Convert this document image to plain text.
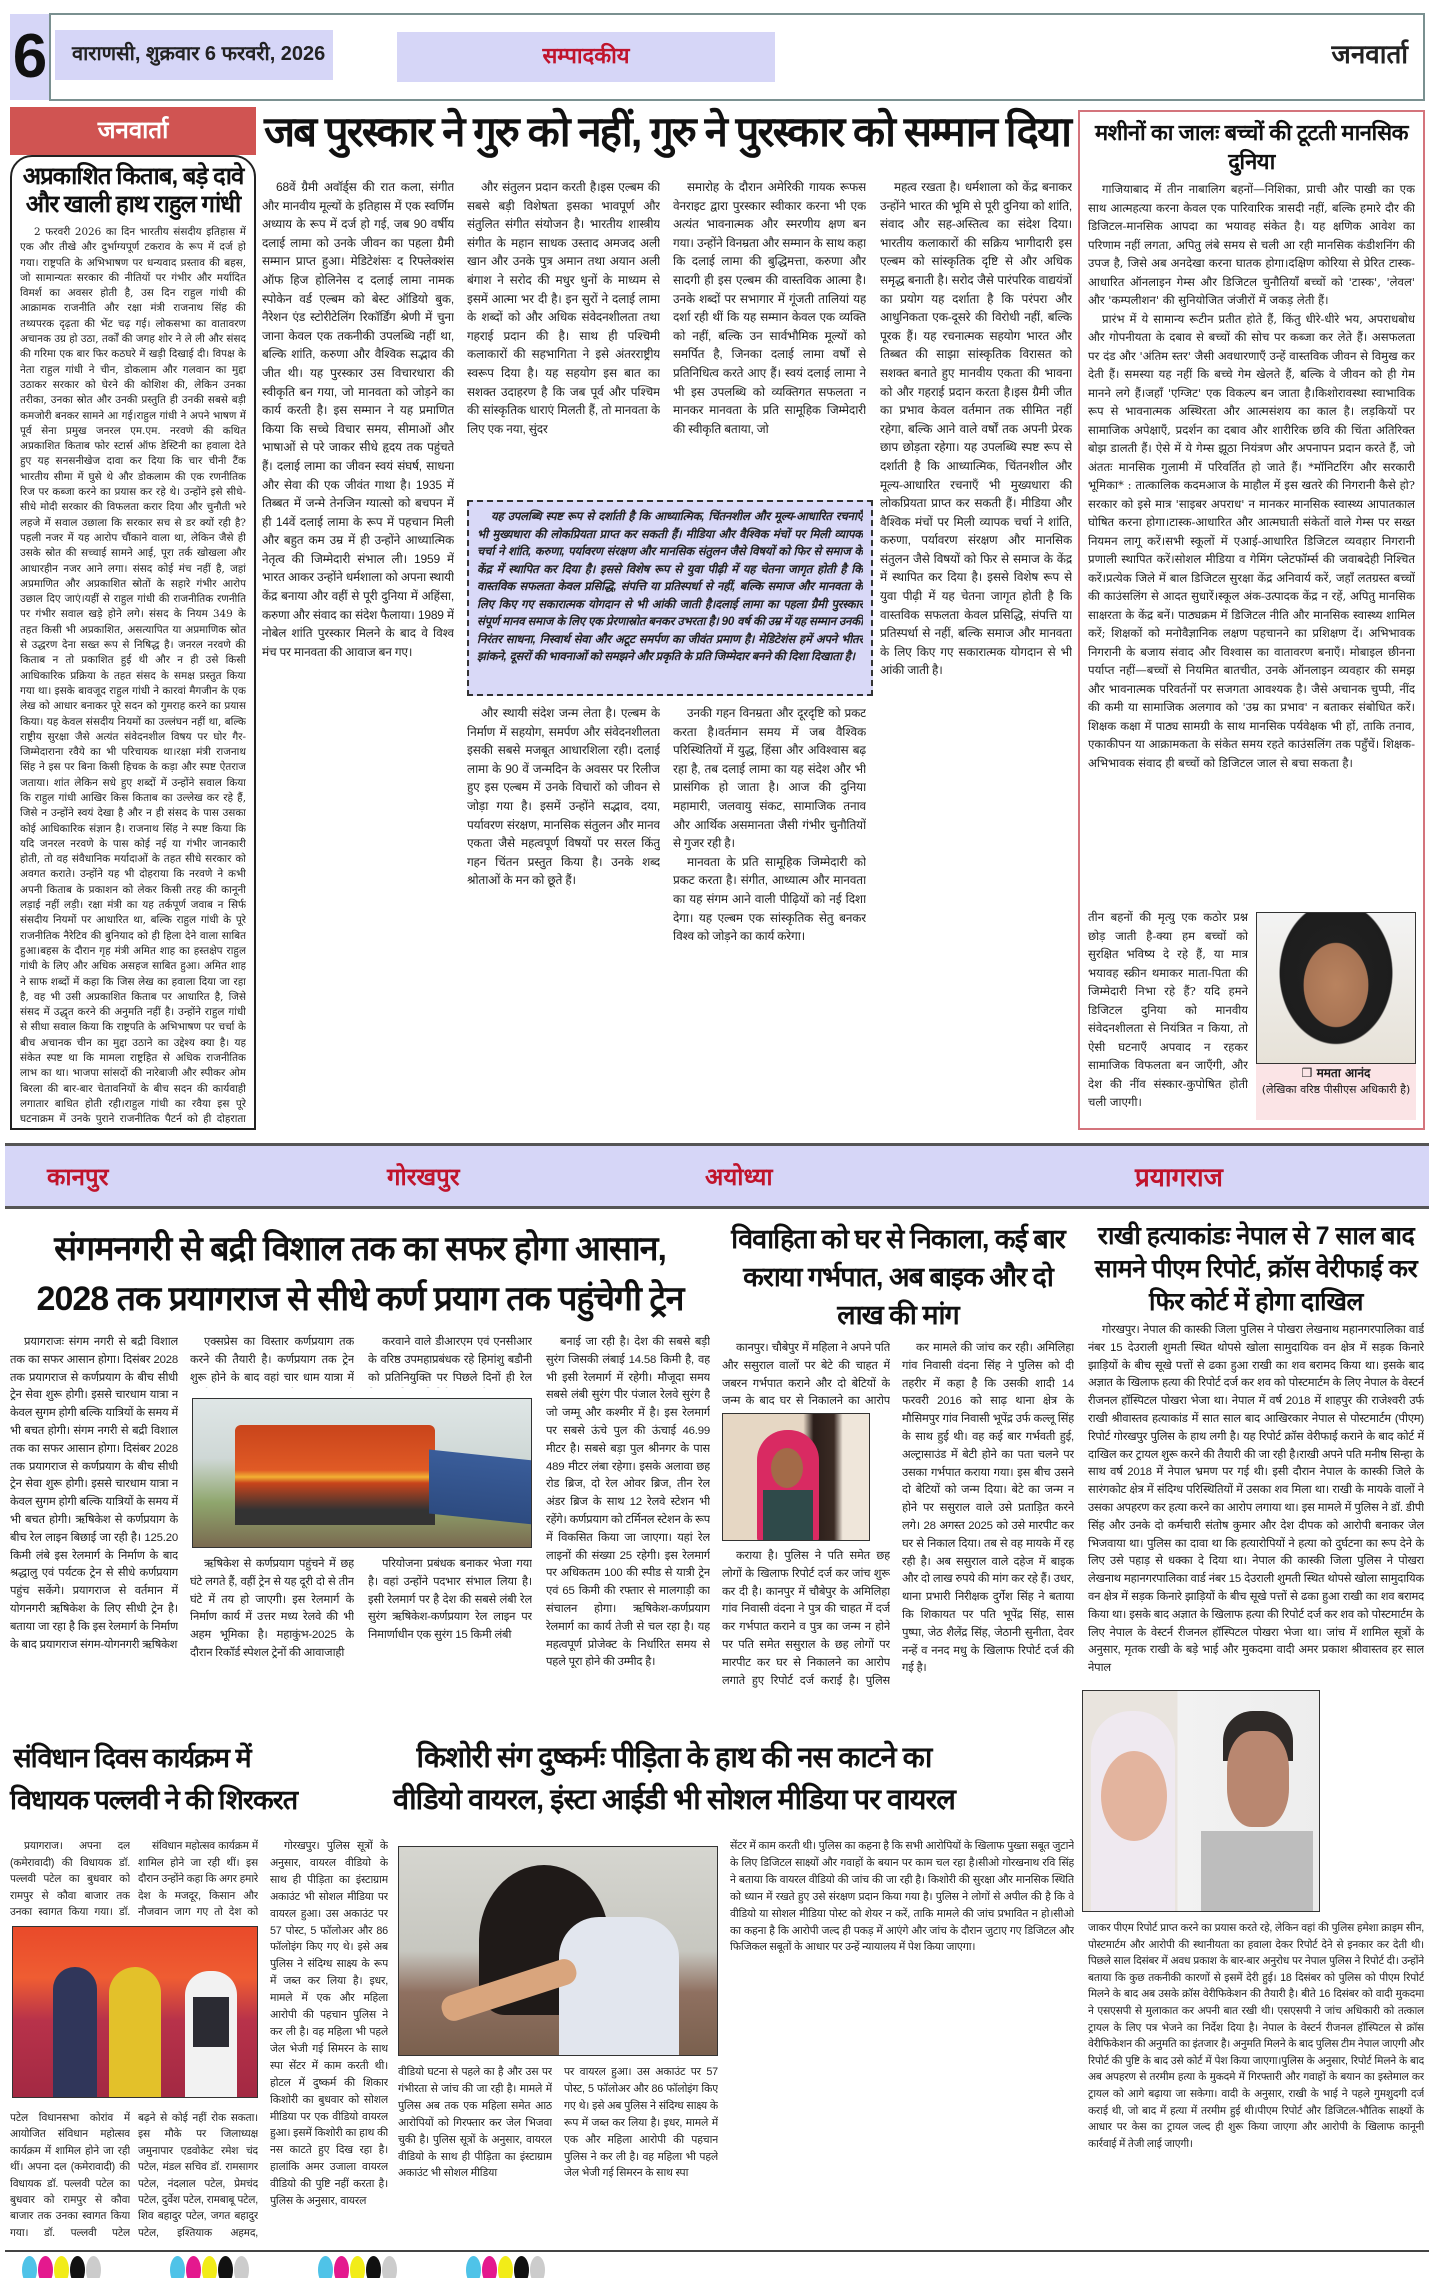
6 वाराणसी, शुक्रवार 6 फरवरी, 2026	सम्पादकीय	जनवार्ता
जनवार्ता
अप्रकाशित किताब, बड़े दावे और खाली हाथ राहुल गांधी

2 फरवरी 2026 का दिन भारतीय संसदीय इतिहास में एक और तीखे और दुर्भाग्यपूर्ण टकराव के रूप में दर्ज हो गया। राष्ट्रपति के अभिभाषण पर धन्यवाद प्रस्ताव की बहस, जो सामान्यतः सरकार की नीतियों पर गंभीर और मर्यादित विमर्श का अवसर होती है, उस दिन राहुल गांधी की आक्रामक राजनीति और रक्षा मंत्री राजनाथ सिंह की तथ्यपरक दृढ़ता की भेंट चढ़ गई। लोकसभा का वातावरण अचानक उग्र हो उठा, तर्कों की जगह शोर ने ले ली और संसद की गरिमा एक बार फिर कठघरे में खड़ी दिखाई दी। विपक्ष के नेता राहुल गांधी ने चीन, डोकलाम और गलवान का मुद्दा उठाकर सरकार को घेरने की कोशिश की, लेकिन उनका तरीका, उनका स्रोत और उनकी प्रस्तुति ही उनकी सबसे बड़ी कमजोरी बनकर सामने आ गई।राहुल गांधी ने अपने भाषण में पूर्व सेना प्रमुख जनरल एम.एम. नरवणे की कथित अप्रकाशित किताब फोर स्टार्स ऑफ डेस्टिनी का हवाला देते हुए यह सनसनीखेज दावा कर दिया कि चार चीनी टैंक भारतीय सीमा में घुसे थे और डोकलाम की एक रणनीतिक रिज पर कब्जा करने का प्रयास कर रहे थे। उन्होंने इसे सीधे-सीधे मोदी सरकार की विफलता करार दिया और चुनौती भरे लहजे में सवाल उछाला कि सरकार सच से डर क्यों रही है? पहली नजर में यह आरोप चौंकाने वाला था, लेकिन जैसे ही उसके स्रोत की सच्चाई सामने आई, पूरा तर्क खोखला और आधारहीन नजर आने लगा। संसद कोई मंच नहीं है, जहां अप्रमाणित और अप्रकाशित स्रोतों के सहारे गंभीर आरोप उछाल दिए जाएं।यहीं से राहुल गांधी की राजनीतिक रणनीति पर गंभीर सवाल खड़े होने लगे। संसद के नियम 349 के तहत किसी भी अप्रकाशित, असत्यापित या अप्रमाणिक स्रोत से उद्धरण देना सख्त रूप से निषिद्ध है। जनरल नरवणे की किताब न तो प्रकाशित हुई थी और न ही उसे किसी आधिकारिक प्रक्रिया के तहत संसद के समक्ष प्रस्तुत किया गया था। इसके बावजूद राहुल गांधी ने कारवां मैगजीन के एक लेख को आधार बनाकर पूरे सदन को गुमराह करने का प्रयास किया। यह केवल संसदीय नियमों का उल्लंघन नहीं था, बल्कि राष्ट्रीय सुरक्षा जैसे अत्यंत संवेदनशील विषय पर घोर गैर-जिम्मेदाराना रवैये का भी परिचायक था।रक्षा मंत्री राजनाथ सिंह ने इस पर बिना किसी हिचक के कड़ा और स्पष्ट ऐतराज जताया। शांत लेकिन सधे हुए शब्दों में उन्होंने सवाल किया कि राहुल गांधी आखिर किस किताब का उल्लेख कर रहे हैं, जिसे न उन्होंने स्वयं देखा है और न ही संसद के पास उसका कोई आधिकारिक संज्ञान है। राजनाथ सिंह ने स्पष्ट किया कि यदि जनरल नरवणे के पास कोई नई या गंभीर जानकारी होती, तो वह संवैधानिक मर्यादाओं के तहत सीधे सरकार को अवगत कराते। उन्होंने यह भी दोहराया कि नरवणे ने कभी अपनी किताब के प्रकाशन को लेकर किसी तरह की कानूनी लड़ाई नहीं लड़ी। रक्षा मंत्री का यह तर्कपूर्ण जवाब न सिर्फ संसदीय नियमों पर आधारित था, बल्कि राहुल गांधी के पूरे राजनीतिक नैरेटिव की बुनियाद को ही हिला देने वाला साबित हुआ।बहस के दौरान गृह मंत्री अमित शाह का हस्तक्षेप राहुल गांधी के लिए और अधिक असहज साबित हुआ। अमित शाह ने साफ शब्दों में कहा कि जिस लेख का हवाला दिया जा रहा है, वह भी उसी अप्रकाशित किताब पर आधारित है, जिसे संसद में उद्धृत करने की अनुमति नहीं है। उन्होंने राहुल गांधी से सीधा सवाल किया कि राष्ट्रपति के अभिभाषण पर चर्चा के बीच अचानक चीन का मुद्दा उठाने का उद्देश्य क्या है। यह संकेत स्पष्ट था कि मामला राष्ट्रहित से अधिक राजनीतिक लाभ का था। भाजपा सांसदों की नारेबाजी और स्पीकर ओम बिरला की बार-बार चेतावनियों के बीच सदन की कार्यवाही लगातार बाधित होती रही।राहुल गांधी का रवैया इस पूरे घटनाक्रम में उनके पुराने राजनीतिक पैटर्न को ही दोहराता

जब पुरस्कार ने गुरु को नहीं, गुरु ने पुरस्कार को सम्मान दिया

68वें ग्रैमी अवॉर्ड्स की रात कला, संगीत और मानवीय मूल्यों के इतिहास में एक स्वर्णिम अध्याय के रूप में दर्ज हो गई, जब 90 वर्षीय दलाई लामा को उनके जीवन का पहला ग्रैमी सम्मान प्राप्त हुआ। मेडिटेशंसः द रिफ्लेक्शंस ऑफ हिज होलिनेस द दलाई लामा नामक स्पोकेन वर्ड एल्बम को बेस्ट ऑडियो बुक, नैरेशन एंड स्टोरीटेलिंग रिकॉर्डिंग श्रेणी में चुना जाना केवल एक तकनीकी उपलब्धि नहीं था, बल्कि शांति, करुणा और वैश्विक सद्भाव की जीत थी। यह पुरस्कार उस विचारधारा की स्वीकृति बन गया, जो मानवता को जोड़ने का कार्य करती है। इस सम्मान ने यह प्रमाणित किया कि सच्चे विचार समय, सीमाओं और भाषाओं से परे जाकर सीधे हृदय तक पहुंचते हैं। दलाई लामा का जीवन स्वयं संघर्ष, साधना और सेवा की एक जीवंत गाथा है। 1935 में तिब्बत में जन्मे तेनजिन ग्यात्सो को बचपन में ही 14वें दलाई लामा के रूप में पहचान मिली और बहुत कम उम्र में ही उन्होंने आध्यात्मिक नेतृत्व की जिम्मेदारी संभाल ली। 1959 में भारत आकर उन्होंने धर्मशाला को अपना स्थायी केंद्र बनाया और वहीं से पूरी दुनिया में अहिंसा, करुणा और संवाद का संदेश फैलाया। 1989 में नोबेल शांति पुरस्कार मिलने के बाद वे विश्व मंच पर मानवता की आवाज बन गए।

और संतुलन प्रदान करती है।इस एल्बम की सबसे बड़ी विशेषता इसका भावपूर्ण और संतुलित संगीत संयोजन है। भारतीय शास्त्रीय संगीत के महान साधक उस्ताद अमजद अली खान और उनके पुत्र अमान तथा अयान अली बंगाश ने सरोद की मधुर धुनों के माध्यम से इसमें आत्मा भर दी है। इन सुरों ने दलाई लामा के शब्दों को और अधिक संवेदनशीलता तथा गहराई प्रदान की है। साथ ही पश्चिमी कलाकारों की सहभागिता ने इसे अंतरराष्ट्रीय स्वरूप दिया है। यह सहयोग इस बात का सशक्त उदाहरण है कि जब पूर्व और पश्चिम की सांस्कृतिक धाराएं मिलती हैं, तो मानवता के लिए एक नया, सुंदर

समारोह के दौरान अमेरिकी गायक रूफस वेनराइट द्वारा पुरस्कार स्वीकार करना भी एक अत्यंत भावनात्मक और स्मरणीय क्षण बन गया। उन्होंने विनम्रता और सम्मान के साथ कहा कि दलाई लामा की बुद्धिमत्ता, करुणा और सादगी ही इस एल्बम की वास्तविक आत्मा है। उनके शब्दों पर सभागार में गूंजती तालियां यह दर्शा रही थीं कि यह सम्मान केवल एक व्यक्ति को नहीं, बल्कि उन सार्वभौमिक मूल्यों को समर्पित है, जिनका दलाई लामा वर्षों से प्रतिनिधित्व करते आए हैं। स्वयं दलाई लामा ने भी इस उपलब्धि को व्यक्तिगत सफलता न मानकर मानवता के प्रति सामूहिक जिम्मेदारी की स्वीकृति बताया, जो

महत्व रखता है। धर्मशाला को केंद्र बनाकर उन्होंने भारत की भूमि से पूरी दुनिया को शांति, संवाद और सह-अस्तित्व का संदेश दिया। भारतीय कलाकारों की सक्रिय भागीदारी इस एल्बम को सांस्कृतिक दृष्टि से और अधिक समृद्ध बनाती है। सरोद जैसे पारंपरिक वाद्ययंत्रों का प्रयोग यह दर्शाता है कि परंपरा और आधुनिकता एक-दूसरे की विरोधी नहीं, बल्कि पूरक हैं। यह रचनात्मक सहयोग भारत और तिब्बत की साझा सांस्कृतिक विरासत को सशक्त बनाते हुए मानवीय एकता की भावना को और गहराई प्रदान करता है।इस ग्रैमी जीत का प्रभाव केवल वर्तमान तक सीमित नहीं रहेगा, बल्कि आने वाले वर्षों तक अपनी प्रेरक छाप छोड़ता रहेगा। यह उपलब्धि स्पष्ट रूप से दर्शाती है कि आध्यात्मिक, चिंतनशील और मूल्य-आधारित रचनाएँ भी मुख्यधारा की लोकप्रियता प्राप्त कर सकती हैं। मीडिया और वैश्विक मंचों पर मिली व्यापक चर्चा ने शांति, करुणा, पर्यावरण संरक्षण और मानसिक संतुलन जैसे विषयों को फिर से समाज के केंद्र में स्थापित कर दिया है। इससे विशेष रूप से युवा पीढ़ी में यह चेतना जागृत होती है कि वास्तविक सफलता केवल प्रसिद्धि, संपत्ति या प्रतिस्पर्धा से नहीं, बल्कि समाज और मानवता के लिए किए गए सकारात्मक योगदान से भी आंकी जाती है।

यह उपलब्धि स्पष्ट रूप से दर्शाती है कि आध्यात्मिक, चिंतनशील और मूल्य-आधारित रचनाएँ भी मुख्यधारा की लोकप्रियता प्राप्त कर सकती हैं। मीडिया और वैश्विक मंचों पर मिली व्यापक चर्चा ने शांति, करुणा, पर्यावरण संरक्षण और मानसिक संतुलन जैसे विषयों को फिर से समाज के केंद्र में स्थापित कर दिया है। इससे विशेष रूप से युवा पीढ़ी में यह चेतना जागृत होती है कि वास्तविक सफलता केवल प्रसिद्धि, संपत्ति या प्रतिस्पर्धा से नहीं, बल्कि समाज और मानवता के लिए किए गए सकारात्मक योगदान से भी आंकी जाती है।दलाई लामा का पहला ग्रैमी पुरस्कार संपूर्ण मानव समाज के लिए एक प्रेरणास्रोत बनकर उभरता है। 90 वर्ष की उम्र में यह सम्मान उनकी निरंतर साधना, निस्वार्थ सेवा और अटूट समर्पण का जीवंत प्रमाण है। मेडिटेशंस हमें अपने भीतर झांकने, दूसरों की भावनाओं को समझने और प्रकृति के प्रति जिम्मेदार बनने की दिशा दिखाता है।

और स्थायी संदेश जन्म लेता है। एल्बम के निर्माण में सहयोग, समर्पण और संवेदनशीलता इसकी सबसे मजबूत आधारशिला रही। दलाई लामा के 90 वें जन्मदिन के अवसर पर रिलीज हुए इस एल्बम में उनके विचारों को जीवन से जोड़ा गया है। इसमें उन्होंने सद्भाव, दया, पर्यावरण संरक्षण, मानसिक संतुलन और मानव एकता जैसे महत्वपूर्ण विषयों पर सरल किंतु गहन चिंतन प्रस्तुत किया है। उनके शब्द श्रोताओं के मन को छूते हैं।

उनकी गहन विनम्रता और दूरदृष्टि को प्रकट करता है।वर्तमान समय में जब वैश्विक परिस्थितियों में युद्ध, हिंसा और अविश्वास बढ़ रहा है, तब दलाई लामा का यह संदेश और भी प्रासंगिक हो जाता है। आज की दुनिया महामारी, जलवायु संकट, सामाजिक तनाव और आर्थिक असमानता जैसी गंभीर चुनौतियों से गुजर रही है।

मानवता के प्रति सामूहिक जिम्मेदारी को प्रकट करता है। संगीत, आध्यात्म और मानवता का यह संगम आने वाली पीढ़ियों को नई दिशा देगा। यह एल्बम एक सांस्कृतिक सेतु बनकर विश्व को जोड़ने का कार्य करेगा।

मशीनों का जालः बच्चों की टूटती मानसिक दुनिया

गाजियाबाद में तीन नाबालिग बहनों—निशिका, प्राची और पाखी का एक साथ आत्महत्या करना केवल एक पारिवारिक त्रासदी नहीं, बल्कि हमारे दौर की डिजिटल-मानसिक आपदा का भयावह संकेत है। यह क्षणिक आवेश का परिणाम नहीं लगता, अपितु लंबे समय से चली आ रही मानसिक कंडीशनिंग की उपज है, जिसे अब अनदेखा करना घातक होगा।दक्षिण कोरिया से प्रेरित टास्क-आधारित ऑनलाइन गेम्स और डिजिटल चुनौतियाँ बच्चों को 'टास्क', 'लेवल' और 'कम्पलीशन' की सुनियोजित जंजीरों में जकड़ लेती हैं।

प्रारंभ में ये सामान्य रूटीन प्रतीत होते हैं, किंतु धीरे-धीरे भय, अपराधबोध और गोपनीयता के दबाव से बच्चों की सोच पर कब्जा कर लेते हैं। असफलता पर दंड और 'अंतिम स्तर' जैसी अवधारणाएँ उन्हें वास्तविक जीवन से विमुख कर देती हैं। समस्या यह नहीं कि बच्चे गेम खेलते हैं, बल्कि वे जीवन को ही गेम मानने लगे हैं।जहाँ 'एग्जिट' एक विकल्प बन जाता है।किशोरावस्था स्वाभाविक रूप से भावनात्मक अस्थिरता और आत्मसंशय का काल है। लड़कियों पर सामाजिक अपेक्षाएँ, प्रदर्शन का दबाव और शारीरिक छवि की चिंता अतिरिक्त बोझ डालती हैं। ऐसे में ये गेम्स झूठा नियंत्रण और अपनापन प्रदान करते हैं, जो अंततः मानसिक गुलामी में परिवर्तित हो जाते हैं। *मॉनिटरिंग और सरकारी भूमिका* : तात्कालिक कदमआज के माहौल में इस खतरे की निगरानी कैसे हो? सरकार को इसे मात्र 'साइबर अपराध' न मानकर मानसिक स्वास्थ्य आपातकाल घोषित करना होगा।टास्क-आधारित और आत्मघाती संकेतों वाले गेम्स पर सख्त नियमन लागू करें।सभी स्कूलों में एआई-आधारित डिजिटल व्यवहार निगरानी प्रणाली स्थापित करें।सोशल मीडिया व गेमिंग प्लेटफॉर्म्स की जवाबदेही निश्चित करें।प्रत्येक जिले में बाल डिजिटल सुरक्षा केंद्र अनिवार्य करें, जहाँ लतग्रस्त बच्चों की काउंसलिंग से आदत सुधारें।स्कूल अंक-उत्पादक केंद्र न रहें, अपितु मानसिक साक्षरता के केंद्र बनें। पाठ्यक्रम में डिजिटल नीति और मानसिक स्वास्थ्य शामिल करें; शिक्षकों को मनोवैज्ञानिक लक्षण पहचानने का प्रशिक्षण दें। अभिभावक निगरानी के बजाय संवाद और विश्वास का वातावरण बनाएँ। मोबाइल छीनना पर्याप्त नहीं—बच्चों से नियमित बातचीत, उनके ऑनलाइन व्यवहार की समझ और भावनात्मक परिवर्तनों पर सजगता आवश्यक है। जैसे अचानक चुप्पी, नींद की कमी या सामाजिक अलगाव को 'उम्र का प्रभाव' न बताकर संबोधित करें। शिक्षक कक्षा में पाठ्य सामग्री के साथ मानसिक पर्यवेक्षक भी हों, ताकि तनाव, एकाकीपन या आक्रामकता के संकेत समय रहते काउंसलिंग तक पहुँचें। शिक्षक-अभिभावक संवाद ही बच्चों को डिजिटल जाल से बचा सकता है।

तीन बहनों की मृत्यु एक कठोर प्रश्न छोड़ जाती है-क्या हम बच्चों को सुरक्षित भविष्य दे रहे हैं, या मात्र भयावह स्क्रीन थमाकर माता-पिता की जिम्मेदारी निभा रहे हैं? यदि हमने डिजिटल दुनिया को मानवीय संवेदनशीलता से नियंत्रित न किया, तो ऐसी घटनाएँ अपवाद न रहकर सामाजिक विफलता बन जाएँगी, और देश की नींव संस्कार-कुपोषित होती चली जाएगी।
❒ ममता आनंद
(लेखिका वरिष्ठ पीसीएस अधिकारी है)
कानपुर	गोरखपुर	अयोध्या	प्रयागराज
संगमनगरी से बद्री विशाल तक का सफर होगा आसान,
2028 तक प्रयागराज से सीधे कर्ण प्रयाग तक पहुंचेगी ट्रेन

प्रयागराजः संगम नगरी से बद्री विशाल तक का सफर आसान होगा। दिसंबर 2028 तक प्रयागराज से कर्णप्रयाग के बीच सीधी ट्रेन सेवा शुरू होगी। इससे चारधाम यात्रा न केवल सुगम होगी बल्कि यात्रियों के समय में भी बचत होगी। संगम नगरी से बद्री विशाल तक का सफर आसान होगा। दिसंबर 2028 तक प्रयागराज से कर्णप्रयाग के बीच सीधी ट्रेन सेवा शुरू होगी। इससे चारधाम यात्रा न केवल सुगम होगी बल्कि यात्रियों के समय में भी बचत होगी। ऋषिकेश से कर्णप्रयाग के बीच रेल लाइन बिछाई जा रही है। 125.20 किमी लंबे इस रेलमार्ग के निर्माण के बाद श्रद्धालु एवं पर्यटक ट्रेन से सीधे कर्णप्रयाग पहुंच सकेंगे। प्रयागराज से वर्तमान में योगनगरी ऋषिकेश के लिए सीधी ट्रेन है। बताया जा रहा है कि इस रेलमार्ग के निर्माण के बाद प्रयागराज संगम-योगनगरी ऋषिकेश

एक्सप्रेस का विस्तार कर्णप्रयाग तक करने की तैयारी है। कर्णप्रयाग तक ट्रेन शुरू होने के बाद वहां चार धाम यात्रा में

करवाने वाले डीआरएम एवं एनसीआर के वरिष्ठ उपमहाप्रबंधक रहे हिमांशु बडौनी को प्रतिनियुक्ति पर पिछले दिनों ही रेल

बनाई जा रही है। देश की सबसे बड़ी सुरंग जिसकी लंबाई 14.58 किमी है, वह भी इसी रेलमार्ग में रहेगी। मौजूदा समय सबसे लंबी सुरंग पीर पंजाल रेलवे सुरंग है जो जम्मू और कश्मीर में है। इस रेलमार्ग पर सबसे ऊंचे पुल की ऊंचाई 46.99 मीटर है। सबसे बड़ा पुल श्रीनगर के पास 489 मीटर लंबा रहेगा। इसके अलावा छह रोड ब्रिज, दो रेल ओवर ब्रिज, तीन रेल अंडर ब्रिज के साथ 12 रेलवे स्टेशन भी रहेंगे। कर्णप्रयाग को टर्मिनल स्टेशन के रूप में विकसित किया जा जाएगा। यहां रेल लाइनों की संख्या 25 रहेगी। इस रेलमार्ग पर अधिकतम 100 की स्पीड से यात्री ट्रेन एवं 65 किमी की रफ्तार से मालगाड़ी का संचालन होगा। ऋषिकेश-कर्णप्रयाग रेलमार्ग का कार्य तेजी से चल रहा है। यह महत्वपूर्ण प्रोजेक्ट के निर्धारित समय से पहले पूरा होने की उम्मीद है।

ऋषिकेश से कर्णप्रयाग पहुंचने में छह घंटे लगते हैं, वहीं ट्रेन से यह दूरी दो से तीन घंटे में तय हो जाएगी। इस रेलमार्ग के निर्माण कार्य में उत्तर मध्य रेलवे की भी अहम भूमिका है। महाकुंभ-2025 के दौरान रिकॉर्ड स्पेशल ट्रेनों की आवाजाही

परियोजना प्रबंधक बनाकर भेजा गया है। वहां उन्होंने पदभार संभाल लिया है। इसी रेलमार्ग पर है देश की सबसे लंबी रेल सुरंग ऋषिकेश-कर्णप्रयाग रेल लाइन पर निमार्णाधीन एक सुरंग 15 किमी लंबी

विवाहिता को घर से निकाला, कई बार कराया गर्भपात, अब बाइक और दो लाख की मांग

कानपुर। चौबेपुर में महिला ने अपने पति और ससुराल वालों पर बेटे की चाहत में जबरन गर्भपात कराने और दो बेटियों के जन्म के बाद घर से निकालने का आरोप

कराया है। पुलिस ने पति समेत छह लोगों के खिलाफ रिपोर्ट दर्ज कर जांच शुरू कर दी है। कानपुर में चौबेपुर के अमिलिहा गांव निवासी वंदना ने पुत्र की चाहत में दर्ज कर गर्भपात कराने व पुत्र का जन्म न होने पर पति समेत ससुराल के छह लोगों पर मारपीट कर घर से निकालने का आरोप लगाते हुए रिपोर्ट दर्ज कराई है। पुलिस

कर मामले की जांच कर रही। अमिलिहा गांव निवासी वंदना सिंह ने पुलिस को दी तहरीर में कहा है कि उसकी शादी 14 फरवरी 2016 को साढ़ थाना क्षेत्र के मौसिमपुर गांव निवासी भूपेंद्र उर्फ कल्लू सिंह के साथ हुई थी। वह कई बार गर्भवती हुई, अल्ट्रासाउंड में बेटी होने का पता चलने पर उसका गर्भपात कराया गया। इस बीच उसने दो बेटियों को जन्म दिया। बेटे का जन्म न होने पर ससुराल वाले उसे प्रताड़ित करने लगे। 28 अगस्त 2025 को उसे मारपीट कर घर से निकाल दिया। तब से वह मायके में रह रही है। अब ससुराल वाले दहेज में बाइक और दो लाख रुपये की मांग कर रहे हैं। उधर, थाना प्रभारी निरीक्षक दुर्गेश सिंह ने बताया कि शिकायत पर पति भूपेंद्र सिंह, सास पुष्पा, जेठ शैलेंद्र सिंह, जेठानी सुनीता, देवर नन्हें व ननद मधु के खिलाफ रिपोर्ट दर्ज की गई है।

राखी हत्याकांडः नेपाल से 7 साल बाद सामने पीएम रिपोर्ट, क्रॉस वेरीफाई कर फिर कोर्ट में होगा दाखिल
गोरखपुर। नेपाल की कास्की जिला पुलिस ने पोखरा लेखनाथ महानगरपालिका वार्ड नंबर 15 देउराली शुमती स्थित थोपसे खोला सामुदायिक वन क्षेत्र में सड़क किनारे झाड़ियों के बीच सूखे पत्तों से ढका हुआ राखी का शव बरामद किया था। इसके बाद अज्ञात के खिलाफ हत्या की रिपोर्ट दर्ज कर शव को पोस्टमार्टम के लिए नेपाल के वेस्टर्न रीजनल हॉस्पिटल पोखरा भेजा था। नेपाल में वर्ष 2018 में शाहपुर की राजेश्वरी उर्फ राखी श्रीवास्तव हत्याकांड में सात साल बाद आखिरकार नेपाल से पोस्टमार्टम (पीएम) रिपोर्ट गोरखपुर पुलिस के हाथ लगी है। यह रिपोर्ट क्रॉस वेरीफाई कराने के बाद कोर्ट में दाखिल कर ट्रायल शुरू करने की तैयारी की जा रही है।राखी अपने पति मनीष सिन्हा के साथ वर्ष 2018 में नेपाल भ्रमण पर गई थी। इसी दौरान नेपाल के कास्की जिले के सारंगकोट क्षेत्र में संदिग्ध परिस्थितियों में उसका शव मिला था। राखी के मायके वालों ने उसका अपहरण कर हत्या करने का आरोप लगाया था। इस मामले में पुलिस ने डॉ. डीपी सिंह और उनके दो कर्मचारी संतोष कुमार और देश दीपक को आरोपी बनाकर जेल भिजवाया था। पुलिस का दावा था कि हत्यारोपियों ने हत्या को दुर्घटना का रूप देने के लिए उसे पहाड़ से धक्का दे दिया था। नेपाल की कास्की जिला पुलिस ने पोखरा लेखनाथ महानगरपालिका वार्ड नंबर 15 देउराली शुमती स्थित थोपसे खोला सामुदायिक वन क्षेत्र में सड़क किनारे झाड़ियों के बीच सूखे पत्तों से ढका हुआ राखी का शव बरामद किया था। इसके बाद अज्ञात के खिलाफ हत्या की रिपोर्ट दर्ज कर शव को पोस्टमार्टम के लिए नेपाल के वेस्टर्न रीजनल हॉस्पिटल पोखरा भेजा था। जांच में शामिल सूत्रों के अनुसार, मृतक राखी के बड़े भाई और मुकदमा वादी अमर प्रकाश श्रीवास्तव हर साल नेपाल
जाकर पीएम रिपोर्ट प्राप्त करने का प्रयास करते रहे, लेकिन वहां की पुलिस हमेशा क्राइम सीन, पोस्टमार्टम और आरोपी की स्थानीयता का हवाला देकर रिपोर्ट देने से इनकार कर देती थी। पिछले साल दिसंबर में अवध प्रकाश के बार-बार अनुरोध पर नेपाल पुलिस ने रिपोर्ट दी। उन्होंने बताया कि कुछ तकनीकी कारणों से इसमें देरी हुई। 18 दिसंबर को पुलिस को पीएम रिपोर्ट मिलने के बाद अब उसके क्रॉस वेरीफिकेशन की तैयारी है। बीते 16 दिसंबर को वादी मुकदमा ने एसएसपी से मुलाकात कर अपनी बात रखी थी। एसएसपी ने जांच अधिकारी को तत्काल ट्रायल के लिए पत्र भेजने का निर्देश दिया है। नेपाल के वेस्टर्न रीजनल हॉस्पिटल से क्रॉस वेरीफिकेशन की अनुमति का इंतजार है। अनुमति मिलने के बाद पुलिस टीम नेपाल जाएगी और रिपोर्ट की पुष्टि के बाद उसे कोर्ट में पेश किया जाएगा।पुलिस के अनुसार, रिपोर्ट मिलने के बाद अब अपहरण से तरमीम हत्या के मुकदमे में गिरफ्तारी और गवाहों के बयान का इस्तेमाल कर ट्रायल को आगे बढ़ाया जा सकेगा। वादी के अनुसार, राखी के भाई ने पहले गुमशुदगी दर्ज कराई थी, जो बाद में हत्या में तरमीम हुई थी।पीएम रिपोर्ट और डिजिटल-भौतिक साक्ष्यों के आधार पर केस का ट्रायल जल्द ही शुरू किया जाएगा और आरोपी के खिलाफ कानूनी कार्रवाई में तेजी लाई जाएगी।
संविधान दिवस कार्यक्रम में
विधायक पल्लवी ने की शिरकरत

प्रयागराज। अपना दल (कमेरावादी) की विधायक डॉ. पल्लवी पटेल का बुधवार को रामपुर से कौवा बाजार तक उनका स्वागत किया गया। डॉ.

संविधान महोत्सव कार्यक्रम में शामिल होने जा रही थीं। इस दौरान उन्होंने कहा कि अगर हमारे देश के मजदूर, किसान और नौजवान जाग गए तो देश को

पटेल विधानसभा कोरांव में आयोजित संविधान महोत्सव कार्यक्रम में शामिल होने जा रही थीं। अपना दल (कमेरावादी) की विधायक डॉ. पल्लवी पटेल का बुधवार को रामपुर से कौवा बाजार तक उनका स्वागत किया गया। डॉ. पल्लवी पटेल

बढ़ने से कोई नहीं रोक सकता। इस मौके पर जिलाध्यक्ष जमुनापार एडवोकेट रमेश चंद पटेल, मंडल सचिव डॉ. रामसागर पटेल, नंदलाल पटेल, प्रेमचंद पटेल, दुर्वेश पटेल, रामबाबू पटेल, शिव बहादुर पटेल, जगत बहादुर पटेल, इश्तियाक अहमद,

किशोरी संग दुष्कर्मः पीड़िता के हाथ की नस काटने का
वीडियो वायरल, इंस्टा आईडी भी सोशल मीडिया पर वायरल
गोरखपुर। पुलिस सूत्रों के अनुसार, वायरल वीडियो के साथ ही पीड़िता का इंस्टाग्राम अकाउंट भी सोशल मीडिया पर वायरल हुआ। उस अकाउंट पर 57 पोस्ट, 5 फॉलोअर और 86 फॉलोइंग किए गए थे। इसे अब पुलिस ने संदिग्ध साक्ष्य के रूप में जब्त कर लिया है। इधर, मामले में एक और महिला आरोपी की पहचान पुलिस ने कर ली है। वह महिला भी पहले जेल भेजी गई सिमरन के साथ स्पा सेंटर में काम करती थी। होटल में दुष्कर्म की शिकार किशोरी का बुधवार को सोशल मीडिया पर एक वीडियो वायरल हुआ। इसमें किशोरी का हाथ की नस काटते हुए दिख रहा है। हालांकि अमर उजाला वायरल वीडियो की पुष्टि नहीं करता है। पुलिस के अनुसार, वायरल

वीडियो घटना से पहले का है और उस पर गंभीरता से जांच की जा रही है। मामले में पुलिस अब तक एक महिला समेत आठ आरोपियों को गिरफ्तार कर जेल भिजवा चुकी है। पुलिस सूत्रों के अनुसार, वायरल वीडियो के साथ ही पीड़िता का इंस्टाग्राम अकाउंट भी सोशल मीडिया

पर वायरल हुआ। उस अकाउंट पर 57 पोस्ट, 5 फॉलोअर और 86 फॉलोइंग किए गए थे। इसे अब पुलिस ने संदिग्ध साक्ष्य के रूप में जब्त कर लिया है। इधर, मामले में एक और महिला आरोपी की पहचान पुलिस ने कर ली है। वह महिला भी पहले जेल भेजी गई सिमरन के साथ स्पा

सेंटर में काम करती थी। पुलिस का कहना है कि सभी आरोपियों के खिलाफ पुख्ता सबूत जुटाने के लिए डिजिटल साक्ष्यों और गवाहों के बयान पर काम चल रहा है।सीओ गोरखनाथ रवि सिंह ने बताया कि वायरल वीडियो की जांच की जा रही है। किशोरी की सुरक्षा और मानसिक स्थिति को ध्यान में रखते हुए उसे संरक्षण प्रदान किया गया है। पुलिस ने लोगों से अपील की है कि वे वीडियो या सोशल मीडिया पोस्ट को शेयर न करें, ताकि मामले की जांच प्रभावित न हो।सीओ का कहना है कि आरोपी जल्द ही पकड़ में आएंगे और जांच के दौरान जुटाए गए डिजिटल और फिजिकल सबूतों के आधार पर उन्हें न्यायालय में पेश किया जाएगा।
